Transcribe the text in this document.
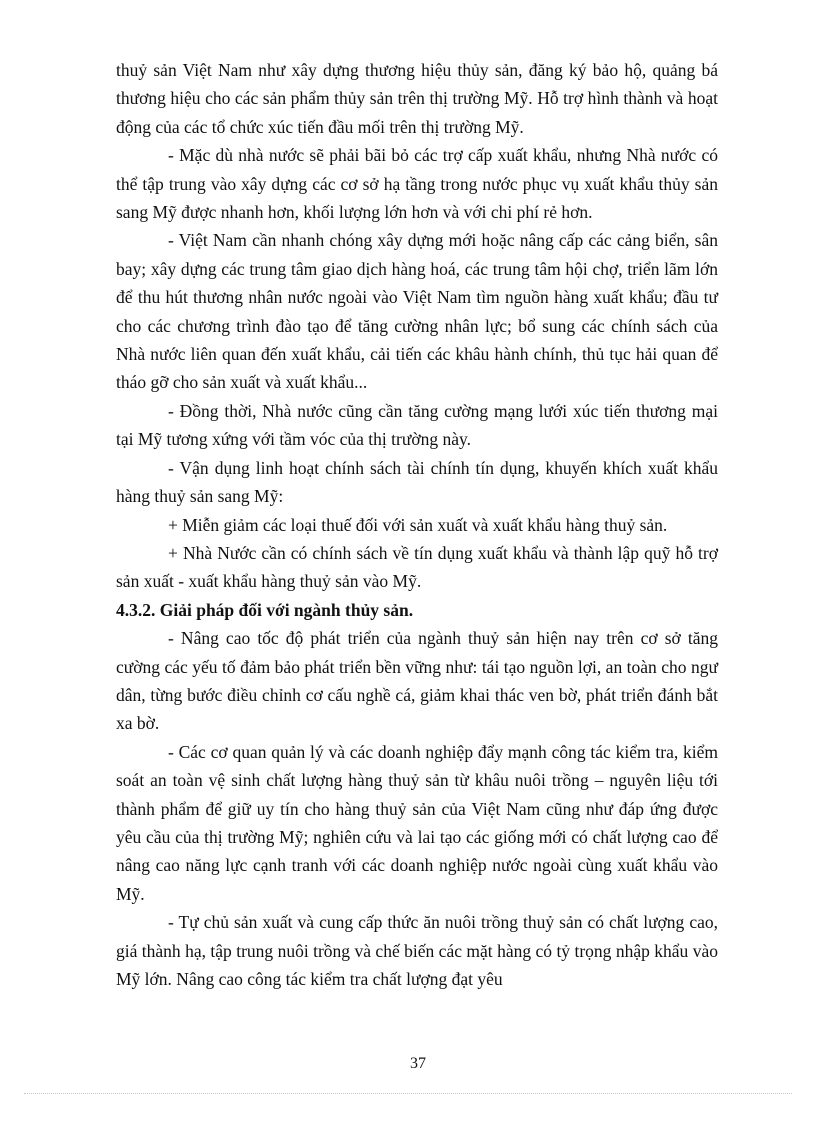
thuỷ sản Việt Nam như xây dựng thương hiệu thủy sản, đăng ký bảo hộ, quảng bá thương hiệu cho các sản phẩm thủy sản trên thị trường Mỹ. Hỗ trợ hình thành và hoạt động của các tổ chức xúc tiến đầu mối trên thị trường Mỹ.

- Mặc dù nhà nước sẽ phải bãi bỏ các trợ cấp xuất khẩu, nhưng Nhà nước có thể tập trung vào xây dựng các cơ sở hạ tầng trong nước phục vụ xuất khẩu thủy sản sang Mỹ được nhanh hơn, khối lượng lớn hơn và với chi phí rẻ hơn.

- Việt Nam cần nhanh chóng xây dựng mới hoặc nâng cấp các cảng biển, sân bay; xây dựng các trung tâm giao dịch hàng hoá, các trung tâm hội chợ, triển lãm lớn để thu hút thương nhân nước ngoài vào Việt Nam tìm nguồn hàng xuất khẩu; đầu tư cho các chương trình đào tạo để tăng cường nhân lực; bổ sung các chính sách của Nhà nước liên quan đến xuất khẩu, cải tiến các khâu hành chính, thủ tục hải quan để tháo gỡ cho sản xuất và xuất khẩu...

- Đồng thời, Nhà nước cũng cần tăng cường mạng lưới xúc tiến thương mại tại Mỹ tương xứng với tầm vóc của thị trường này.

- Vận dụng linh hoạt chính sách tài chính tín dụng, khuyến khích xuất khẩu hàng thuỷ sản sang Mỹ:

+ Miễn giảm các loại thuế đối với sản xuất và xuất khẩu hàng thuỷ sản.

+ Nhà Nước cần có chính sách về tín dụng xuất khẩu và thành lập quỹ hỗ trợ sản xuất - xuất khẩu hàng thuỷ sản vào Mỹ.

4.3.2. Giải pháp đối với ngành thủy sản.

- Nâng cao tốc độ phát triển của ngành thuỷ sản hiện nay trên cơ sở tăng cường các yếu tố đảm bảo phát triển bền vững như: tái tạo nguồn lợi, an toàn cho ngư dân, từng bước điều chỉnh cơ cấu nghề cá, giảm khai thác ven bờ, phát triển đánh bắt xa bờ.

- Các cơ quan quản lý và các doanh nghiệp đẩy mạnh công tác kiểm tra, kiểm soát an toàn vệ sinh chất lượng hàng thuỷ sản từ khâu nuôi trồng – nguyên liệu tới thành phẩm để giữ uy tín cho hàng thuỷ sản của Việt Nam cũng như đáp ứng được yêu cầu của thị trường Mỹ; nghiên cứu và lai tạo các giống mới có chất lượng cao để nâng cao năng lực cạnh tranh với các doanh nghiệp nước ngoài cùng xuất khẩu vào Mỹ.

- Tự chủ sản xuất và cung cấp thức ăn nuôi trồng thuỷ sản có chất lượng cao, giá thành hạ, tập trung nuôi trồng và chế biến các mặt hàng có tỷ trọng nhập khẩu vào Mỹ lớn. Nâng cao công tác kiểm tra chất lượng đạt yêu

37
